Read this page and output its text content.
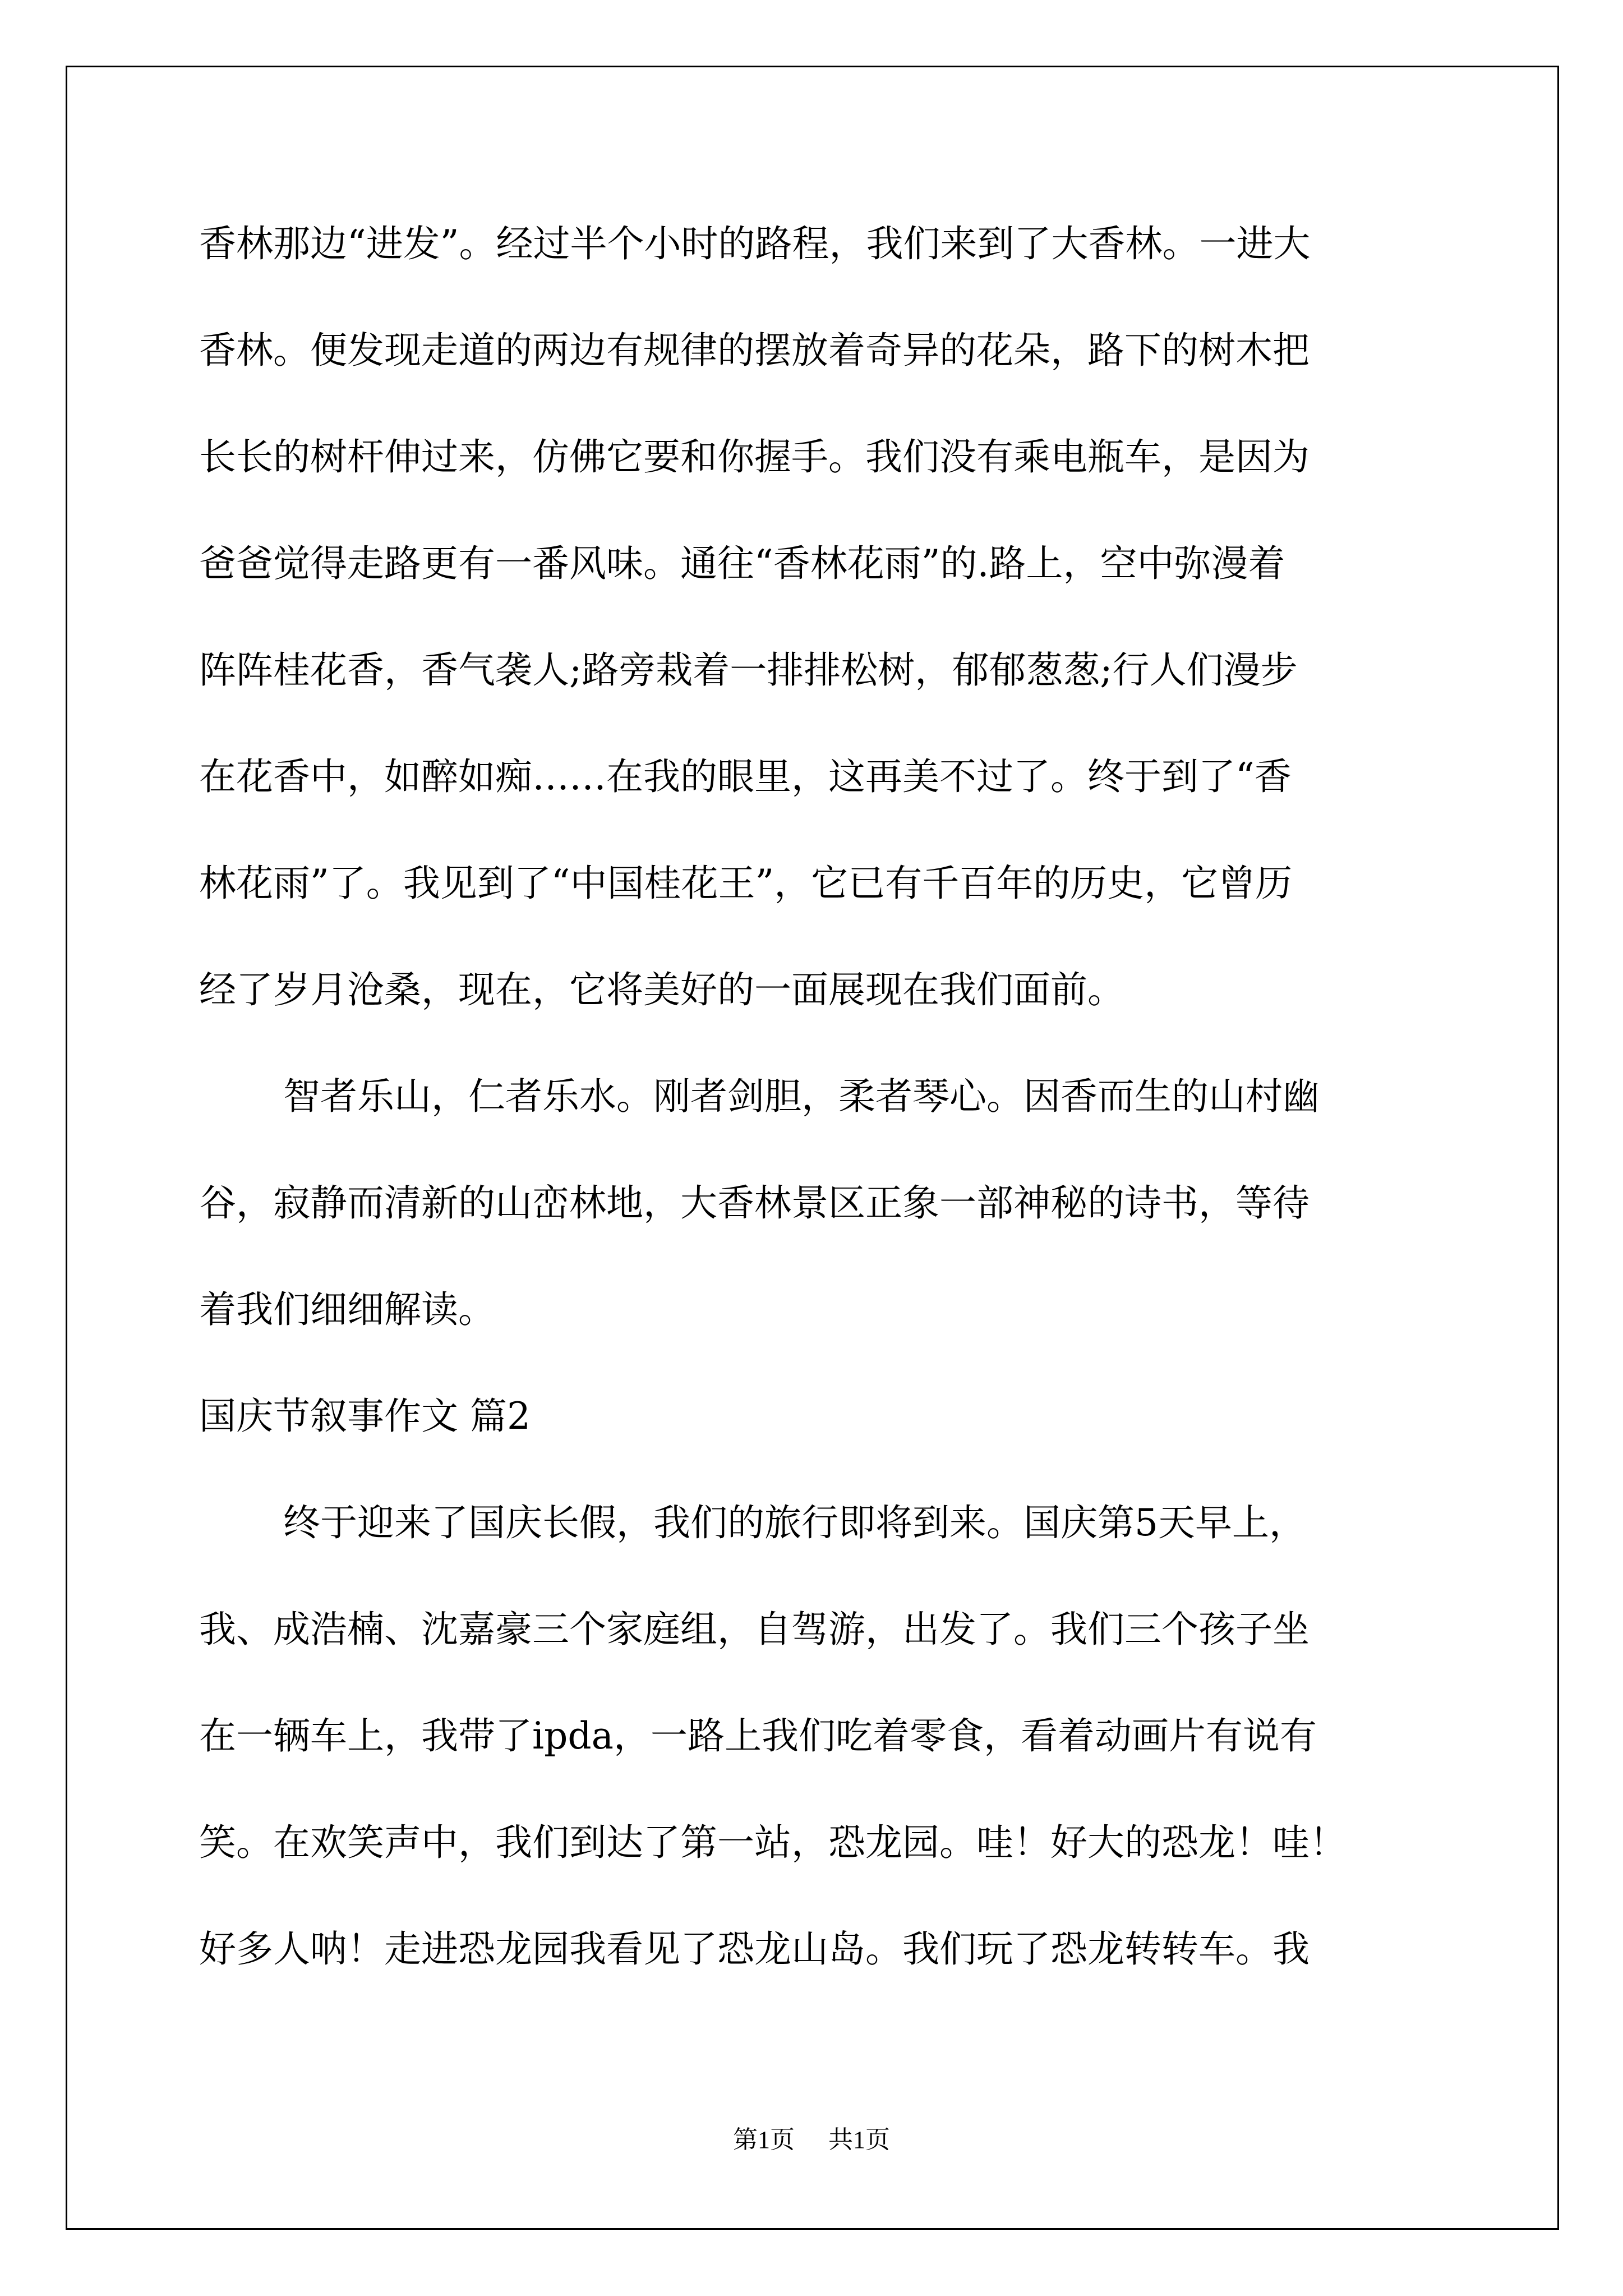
香林那边“进发”。经过半个小时的路程，我们来到了大香林。一进大
香林。便发现走道的两边有规律的摆放着奇异的花朵，路下的树木把
长长的树杆伸过来，仿佛它要和你握手。我们没有乘电瓶车，是因为
爸爸觉得走路更有一番风味。通往“香林花雨”的.路上，空中弥漫着
阵阵桂花香，香气袭人;路旁栽着一排排松树，郁郁葱葱;行人们漫步
在花香中，如醉如痴……在我的眼里，这再美不过了。终于到了“香
林花雨”了。我见到了“中国桂花王”，它已有千百年的历史，它曾历
经了岁月沧桑，现在，它将美好的一面展现在我们面前。
智者乐山，仁者乐水。刚者剑胆，柔者琴心。因香而生的山村幽
谷，寂静而清新的山峦林地，大香林景区正象一部神秘的诗书，等待
着我们细细解读。
国庆节叙事作文 篇2
终于迎来了国庆长假，我们的旅行即将到来。国庆第5天早上，
我、成浩楠、沈嘉豪三个家庭组，自驾游，出发了。我们三个孩子坐
在一辆车上，我带了ipda，一路上我们吃着零食，看着动画片有说有
笑。在欢笑声中，我们到达了第一站，恐龙园。哇！好大的恐龙！哇！
好多人呐！走进恐龙园我看见了恐龙山岛。我们玩了恐龙转转车。我
第1页 共1页
